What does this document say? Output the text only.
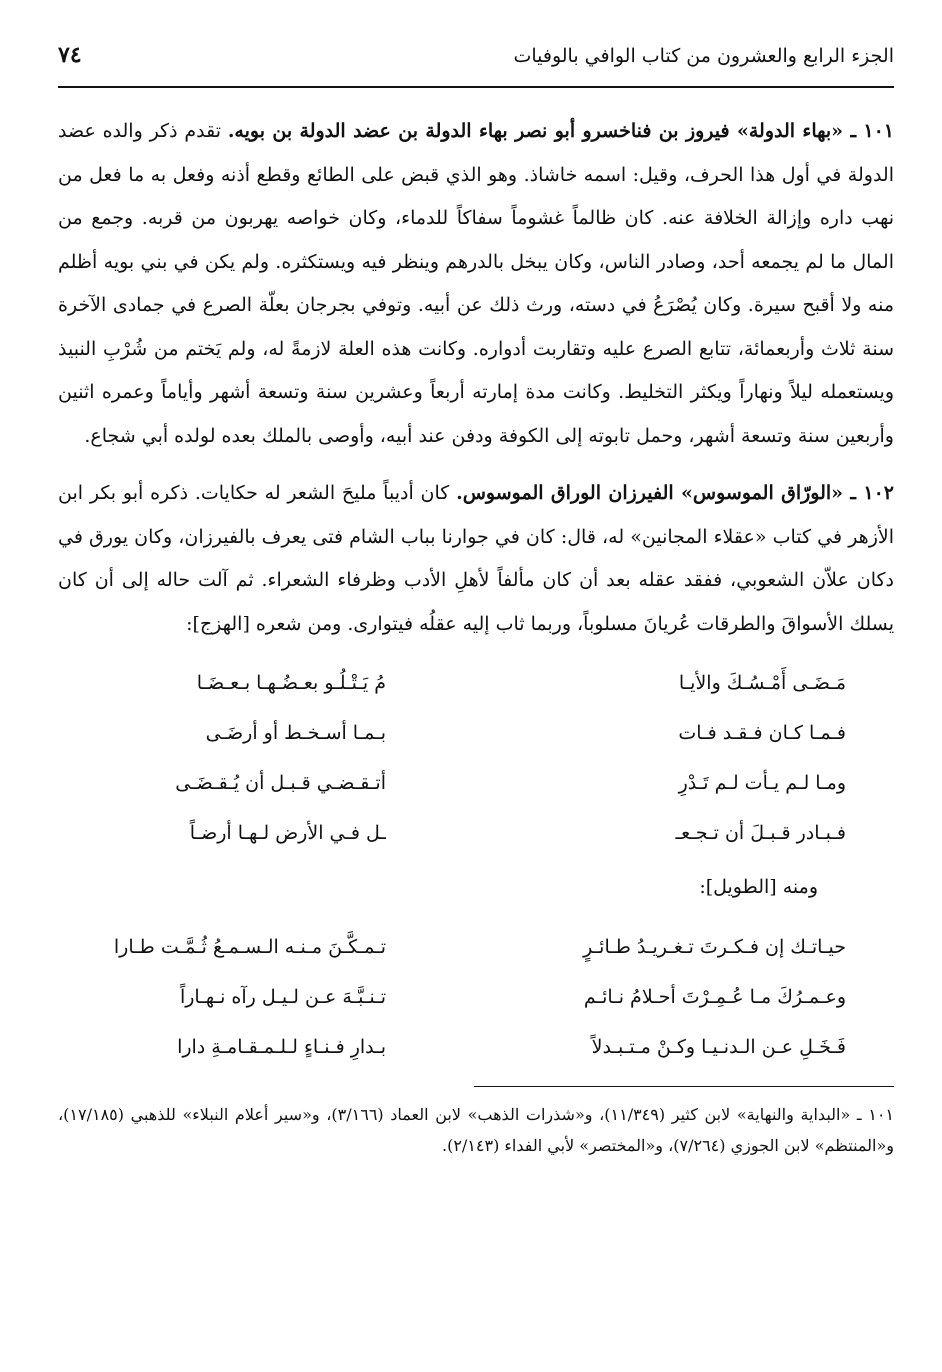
الجزء الرابع والعشرون من كتاب الوافي بالوفيات
٧٤

١٠١ ـ «بهاء الدولة» فيروز بن فناخسرو أبو نصر بهاء الدولة بن عضد الدولة بن بويه. تقدم ذكر والده عضد الدولة في أول هذا الحرف، وقيل: اسمه خاشاذ. وهو الذي قبض على الطائع وقطع أذنه وفعل به ما فعل من نهب داره وإزالة الخلافة عنه. كان ظالماً غشوماً سفاكاً للدماء، وكان خواصه يهربون من قربه. وجمع من المال ما لم يجمعه أحد، وصادر الناس، وكان يبخل بالدرهم وينظر فيه ويستكثره. ولم يكن في بني بويه أظلم منه ولا أقبح سيرة. وكان يُصْرَعُ في دسته، ورث ذلك عن أبيه. وتوفي بجرجان بعلّة الصرع في جمادى الآخرة سنة ثلاث وأربعمائة، تتابع الصرع عليه وتقاربت أدواره. وكانت هذه العلة لازمةً له، ولم يَختم من شُرْبِ النبيذ ويستعمله ليلاً ونهاراً ويكثر التخليط. وكانت مدة إمارته أربعاً وعشرين سنة وتسعة أشهر وأياماً وعمره اثنين وأربعين سنة وتسعة أشهر، وحمل تابوته إلى الكوفة ودفن عند أبيه، وأوصى بالملك بعده لولده أبي شجاع.

١٠٢ ـ «الورّاق الموسوس» الفيرزان الوراق الموسوس. كان أديباً مليحَ الشعر له حكايات. ذكره أبو بكر ابن الأزهر في كتاب «عقلاء المجانين» له، قال: كان في جوارنا بباب الشام فتى يعرف بالفيرزان، وكان يورق في دكان علاّن الشعوبي، ففقد عقله بعد أن كان مألفاً لأهلِ الأدب وظرفاء الشعراء. ثم آلت حاله إلى أن كان يسلك الأسواقَ والطرقات عُريانَ مسلوباً، وربما ثاب إليه عقلُه فيتوارى. ومن شعره [الهزج]:

مَـضَـى أَمْـسُـكَ والأيـا
مُ يَـتْـلُـو بعـضُـهـا بـعـضَـا
فـمـا كـان فـقـد فـات
بـمـا أسـخـط أو أرضَـى
ومـا لـم يـأت لـم تَـدْرِ
أتـقـضـي قـبـل أن يُـقـضَـى
فـبـادر قـبـلَ أن تـجـعـ
ـل فـي الأرض لـهـا أرضـاً
ومنه [الطويل]:
حيـاتـك إن فـكـرتَ تـغـريـدُ طـائـرٍ
تـمـكَّـنَ مـنـه الـسـمـعُ ثُـمَّـت طـارا
وعـمـرُكَ مـا عُـمِـرْتَ أحـلامُ نـائـم
تـنـبَّـهَ عـن لـيـل رآه نـهـاراً
فَـخَـلِ عـن الـدنـيـا وكـنْ مـتـبـدلاً
بـدارِ فـنـاءٍ لـلـمـقـامـةِ دارا

١٠١ ـ «البداية والنهاية» لابن كثير (١١/٣٤٩)، و«شذرات الذهب» لابن العماد (٣/١٦٦)، و«سير أعلام النبلاء» للذهبي (١٧/١٨٥)، و«المنتظم» لابن الجوزي (٧/٢٦٤)، و«المختصر» لأبي الفداء (٢/١٤٣).
